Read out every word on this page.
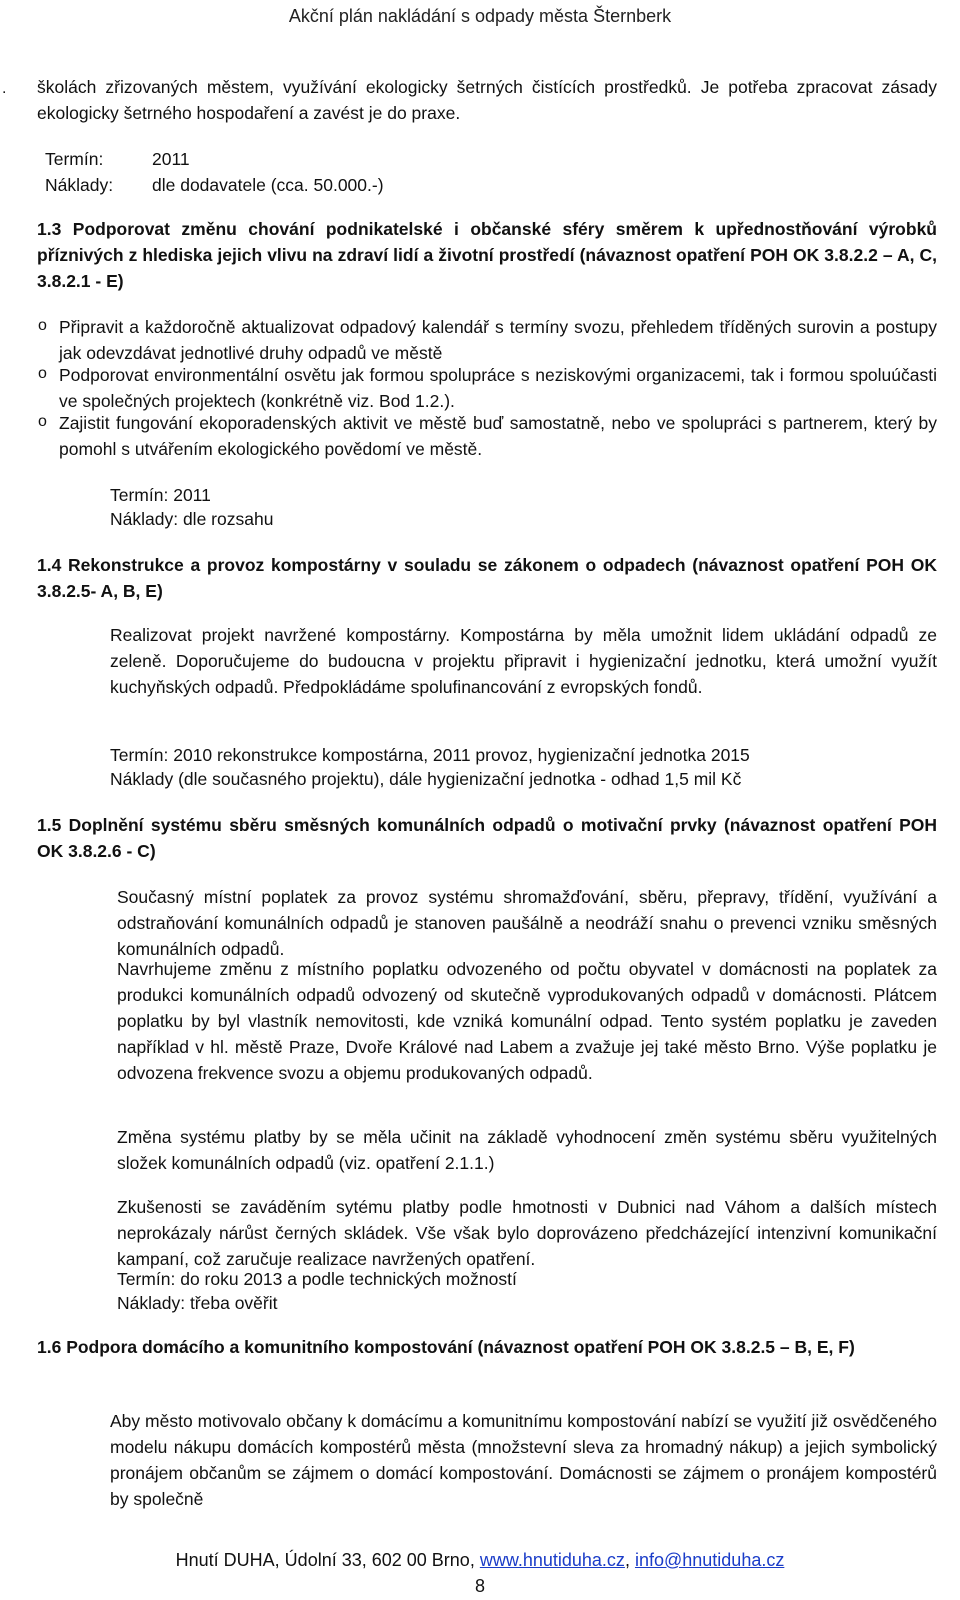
Akční plán nakládání s odpady města Šternberk
. školách zřizovaných městem, využívání ekologicky šetrných čistících prostředků. Je potřeba zpracovat zásady ekologicky šetrného hospodaření a zavést je do praxe.
Termín:	2011
Náklady: dle dodavatele (cca. 50.000.-)
1.3 Podporovat změnu chování podnikatelské i občanské sféry směrem k upřednostňování výrobků příznivých z hlediska jejich vlivu na zdraví lidí a životní prostředí (návaznost opatření POH OK 3.8.2.2 – A, C, 3.8.2.1 - E)
o Připravit a každoročně aktualizovat odpadový kalendář s termíny svozu, přehledem tříděných surovin a postupy jak odevzdávat jednotlivé druhy odpadů ve městě
o Podporovat environmentální osvětu jak formou spolupráce s neziskovými organizacemi, tak i formou spoluúčasti ve společných projektech (konkrétně viz. Bod 1.2.).
o Zajistit fungování ekoporadenských aktivit ve městě buď samostatně, nebo ve spolupráci s partnerem, který by pomohl s utvářením ekologického povědomí ve městě.
Termín: 2011
Náklady: dle rozsahu
1.4 Rekonstrukce a provoz kompostárny v souladu se zákonem o odpadech (návaznost opatření POH OK 3.8.2.5- A, B, E)
Realizovat projekt navržené kompostárny. Kompostárna by měla umožnit lidem ukládání odpadů ze zeleně. Doporučujeme do budoucna v projektu připravit i hygienizační jednotku, která umožní využít kuchyňských odpadů. Předpokládáme spolufinancování z evropských fondů.
Termín: 2010 rekonstrukce kompostárna, 2011 provoz, hygienizační jednotka 2015
Náklady (dle současného projektu), dále hygienizační jednotka - odhad 1,5 mil Kč
1.5 Doplnění systému sběru směsných komunálních odpadů o motivační prvky (návaznost opatření POH OK 3.8.2.6 - C)
Současný místní poplatek za provoz systému shromažďování, sběru, přepravy, třídění, využívání a odstraňování komunálních odpadů je stanoven paušálně a neodráží snahu o prevenci vzniku směsných komunálních odpadů.
Navrhujeme změnu z místního poplatku odvozeného od počtu obyvatel v domácnosti na poplatek za produkci komunálních odpadů odvozený od skutečně vyprodukovaných odpadů v domácnosti. Plátcem poplatku by byl vlastník nemovitosti, kde vzniká komunální odpad. Tento systém poplatku je zaveden například v hl. městě Praze, Dvoře Králové nad Labem a zvažuje jej také město Brno. Výše poplatku je odvozena frekvence svozu a objemu produkovaných odpadů.
Změna systému platby by se měla učinit na základě vyhodnocení změn systému sběru využitelných složek komunálních odpadů (viz. opatření 2.1.1.)
Zkušenosti se zaváděním sytému platby podle hmotnosti v Dubnici nad Váhom a dalších místech neprokázaly nárůst černých skládek. Vše však bylo doprovázeno předcházející intenzivní komunikační kampaní, což zaručuje realizace navržených opatření.
Termín: do roku 2013 a podle technických možností
Náklady: třeba ověřit
1.6 Podpora domácího a komunitního kompostování (návaznost opatření POH OK 3.8.2.5 – B, E, F)
Aby město motivovalo občany k domácímu a komunitnímu kompostování nabízí se využití již osvědčeného modelu nákupu domácích kompostérů města (množstevní sleva za hromadný nákup) a jejich symbolický pronájem občanům se zájmem o domácí kompostování. Domácnosti se zájmem o pronájem kompostérů by společně
Hnutí DUHA, Údolní 33, 602 00 Brno, www.hnutiduha.cz, info@hnutiduha.cz
8
